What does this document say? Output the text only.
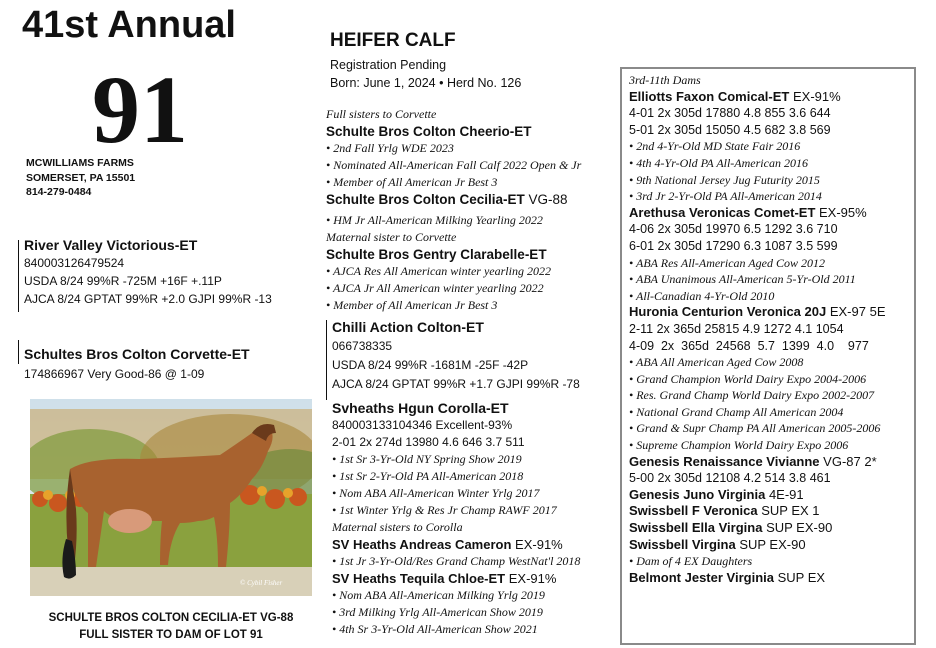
41st Annual
91
MCWILLIAMS FARMS
SOMERSET, PA 15501
814-279-0484
River Valley Victorious-ET
840003126479524
USDA 8/24 99%R -725M +16F +.11P
AJCA 8/24 GPTAT 99%R +2.0 GJPI 99%R -13
Schultes Bros Colton Corvette-ET
174866967 Very Good-86 @ 1-09
© Cybil Fisher
SCHULTE BROS COLTON CECILIA-ET VG-88
FULL SISTER TO DAM OF LOT 91
HEIFER CALF
Registration Pending
Born: June 1, 2024 • Herd No. 126
Full sisters to Corvette
Schulte Bros Colton Cheerio-ET
• 2nd Fall Yrlg WDE 2023
• Nominated All-American Fall Calf 2022 Open & Jr
• Member of All American Jr Best 3
Schulte Bros Colton Cecilia-ET VG-88
• HM Jr All-American Milking Yearling 2022
Maternal sister to Corvette
Schulte Bros Gentry Clarabelle-ET
• AJCA Res All American winter yearling 2022
• AJCA Jr All American winter yearling 2022
• Member of All American Jr Best 3
Chilli Action Colton-ET
066738335
USDA 8/24 99%R -1681M -25F -42P
AJCA 8/24 GPTAT 99%R +1.7 GJPI 99%R -78
Svheaths Hgun Corolla-ET
840003133104346 Excellent-93%
2-01 2x 274d 13980 4.6 646 3.7 511
• 1st Sr 3-Yr-Old NY Spring Show 2019
• 1st Sr 2-Yr-Old PA All-American 2018
• Nom ABA All-American Winter Yrlg 2017
• 1st Winter Yrlg & Res Jr Champ RAWF 2017
Maternal sisters to Corolla
SV Heaths Andreas Cameron EX-91%
• 1st Jr 3-Yr-Old/Res Grand Champ WestNat'l 2018
SV Heaths Tequila Chloe-ET EX-91%
• Nom ABA All-American Milking Yrlg 2019
• 3rd Milking Yrlg All-American Show 2019
• 4th Sr 3-Yr-Old All-American Show 2021
3rd-11th Dams
Elliotts Faxon Comical-ET EX-91%
4-01 2x 305d 17880 4.8 855 3.6 644
5-01 2x 305d 15050 4.5 682 3.8 569
• 2nd 4-Yr-Old MD State Fair 2016
• 4th 4-Yr-Old PA All-American 2016
• 9th National Jersey Jug Futurity 2015
• 3rd Jr 2-Yr-Old PA All-American 2014
Arethusa Veronicas Comet-ET EX-95%
4-06 2x 305d 19970 6.5 1292 3.6 710
6-01 2x 305d 17290 6.3 1087 3.5 599
• ABA Res All-American Aged Cow 2012
• ABA Unanimous All-American 5-Yr-Old 2011
• All-Canadian 4-Yr-Old 2010
Huronia Centurion Veronica 20J EX-97 5E
2-11 2x 365d 25815 4.9 1272 4.1 1054
4-09  2x  365d  24568  5.7  1399  4.0    977
• ABA All American Aged Cow 2008
• Grand Champion World Dairy Expo 2004-2006
• Res. Grand Champ World Dairy Expo 2002-2007
• National Grand Champ All American 2004
• Grand & Supr Champ PA All American 2005-2006
• Supreme Champion World Dairy Expo 2006
Genesis Renaissance Vivianne VG-87 2*
5-00 2x 305d 12108 4.2 514 3.8 461
Genesis Juno Virginia 4E-91
Swissbell F Veronica SUP EX 1
Swissbell Ella Virgina SUP EX-90
Swissbell Virgina SUP EX-90
• Dam of 4 EX Daughters
Belmont Jester Virginia SUP EX
